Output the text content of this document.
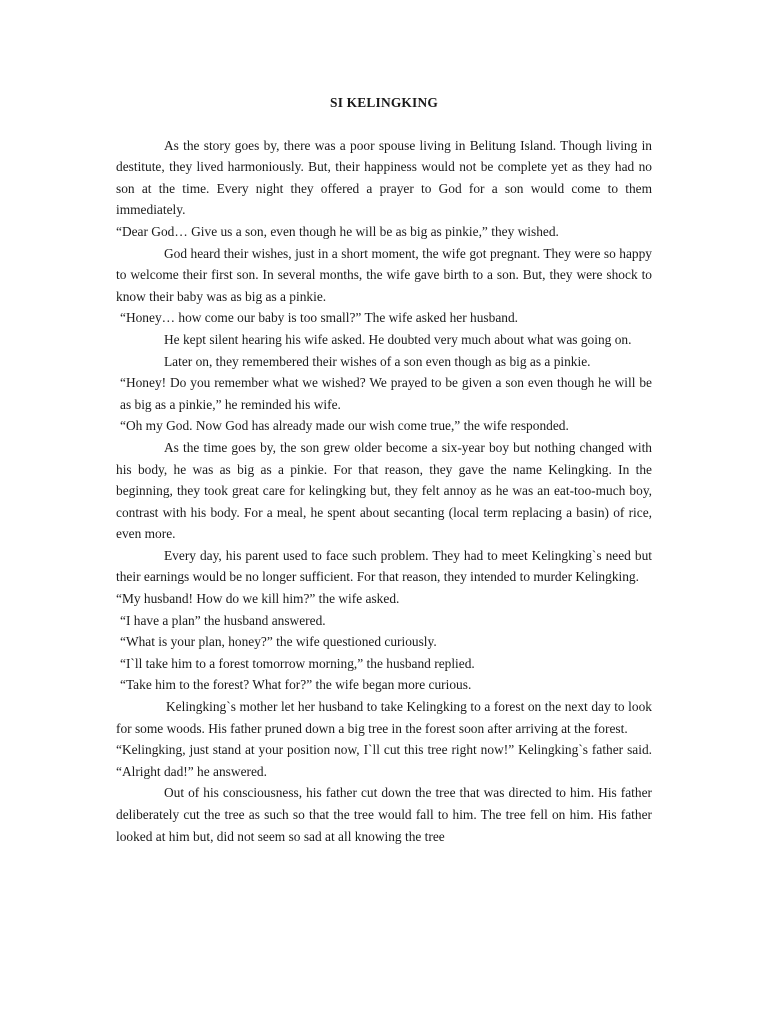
SI KELINGKING

As the story goes by, there was a poor spouse living in Belitung Island. Though living in destitute, they lived harmoniously. But, their happiness would not be complete yet as they had no son at the time. Every night they offered a prayer to God for a son would come to them immediately.

“Dear God… Give us a son, even though he will be as big as pinkie,” they wished.

God heard their wishes, just in a short moment, the wife got pregnant. They were so happy to welcome their first son. In several months, the wife gave birth to a son. But, they were shock to know their baby was as big as a pinkie.

“Honey… how come our baby is too small?” The wife asked her husband.

He kept silent hearing his wife asked. He doubted very much about what was going on.

Later on, they remembered their wishes of a son even though as big as a pinkie.

“Honey! Do you remember what we wished? We prayed to be given a son even though he will be as big as a pinkie,” he reminded his wife.

“Oh my God. Now God has already made our wish come true,” the wife responded.

As the time goes by, the son grew older become a six-year boy but nothing changed with his body, he was as big as a pinkie. For that reason, they gave the name Kelingking. In the beginning, they took great care for kelingking but, they felt annoy as he was an eat-too-much boy, contrast with his body. For a meal, he spent about secanting (local term replacing a basin) of rice, even more.

Every day, his parent used to face such problem. They had to meet Kelingking`s need but their earnings would be no longer sufficient. For that reason, they intended to murder Kelingking.

“My husband! How do we kill him?” the wife asked.

“I have a plan” the husband answered.

“What is your plan, honey?” the wife questioned curiously.

“I`ll take him to a forest tomorrow morning,” the husband replied.

“Take him to the forest? What for?” the wife began more curious.

Kelingking`s mother let her husband to take Kelingking to a forest on the next day to look for some woods. His father pruned down a big tree in the forest soon after arriving at the forest.

“Kelingking, just stand at your position now, I`ll cut this tree right now!” Kelingking`s father said. “Alright dad!” he answered.

Out of his consciousness, his father cut down the tree that was directed to him. His father deliberately cut the tree as such so that the tree would fall to him. The tree fell on him. His father looked at him but, did not seem so sad at all knowing the tree
